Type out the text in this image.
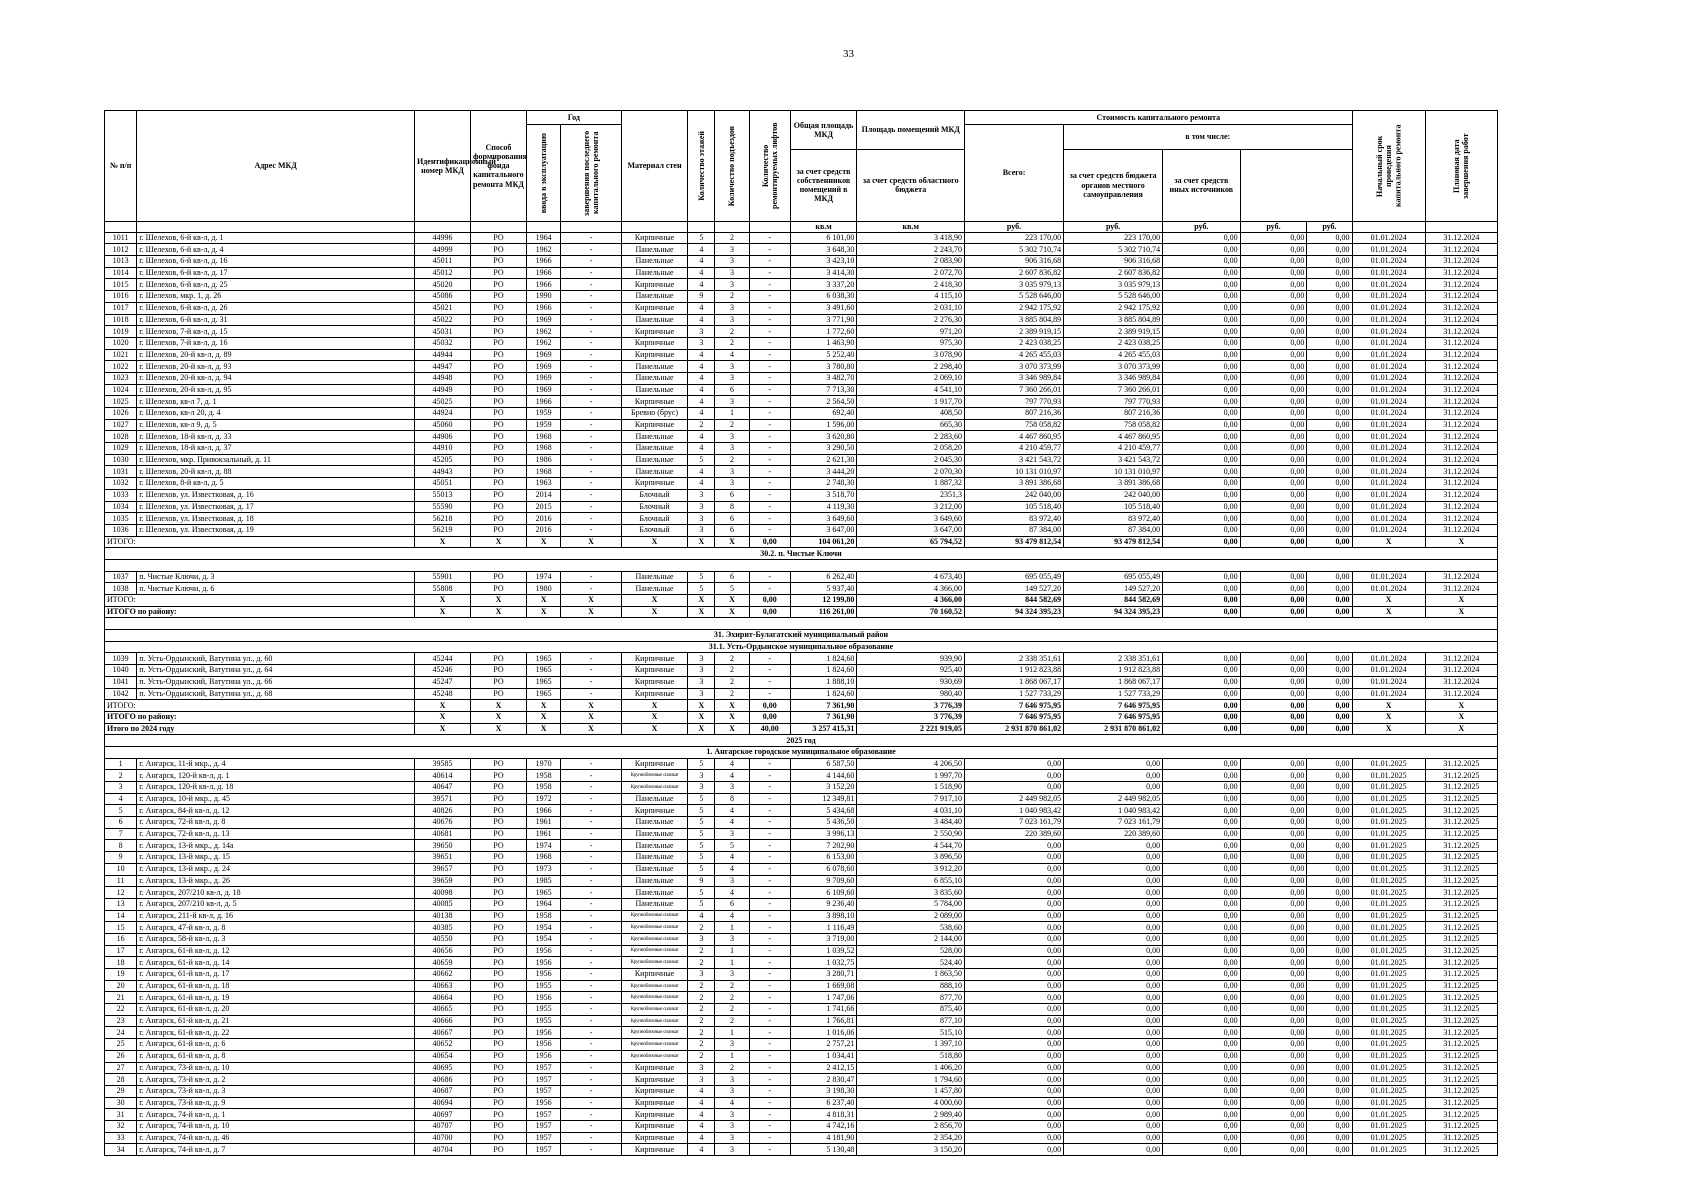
33
№ п/п	Адрес МКД	Идентификационный номер МКД	Способ формирования фонда капитального ремонта МКД	Год		Материал стен	Количество этажей	Количество подъездов	Количество ремонтируемых лифтов	Общая площадь МКД	Площадь помещений МКД	Стоимость капитального ремонта					Начальный срок проведения капитального ремонта	Плановая дата завершения работ

				ввода в эксплуатацию	завершения последнего капитального ремонта							Всего:	в том числе:					
										за счет средств собственников помещений в МКД	за счет средств областного бюджета		за счет средств бюджета органов местного самоуправления	за счет средств иных источников				
										кв.м	кв.м	руб.	руб.	руб.	руб.	руб.		
1011	г. Шелехов, 6-й кв-л, д. 1	44996	РО	1964	-	Кирпичные	5	2	-	6 101,00	3 418,90	223 170,00	223 170,00	0,00	0,00	0,00	01.01.2024	31.12.2024
1012	г. Шелехов, 6-й кв-л, д. 4	44999	РО	1962	-	Панельные	4	3	-	3 648,30	2 243,70	5 302 710,74	5 302 710,74	0,00	0,00	0,00	01.01.2024	31.12.2024
1013	г. Шелехов, 6-й кв-л, д. 16	45011	РО	1966	-	Панельные	4	3	-	3 423,10	2 083,90	906 316,68	906 316,68	0,00	0,00	0,00	01.01.2024	31.12.2024
1014	г. Шелехов, 6-й кв-л, д. 17	45012	РО	1966	-	Панельные	4	3	-	3 414,30	2 072,70	2 607 836,82	2 607 836,82	0,00	0,00	0,00	01.01.2024	31.12.2024
1015	г. Шелехов, 6-й кв-л, д. 25	45020	РО	1966	-	Кирпичные	4	3	-	3 337,20	2 418,30	3 035 979,13	3 035 979,13	0,00	0,00	0,00	01.01.2024	31.12.2024
1016	г. Шелехов, мкр. 1, д. 26	45086	РО	1990	-	Панельные	9	2	-	6 038,30	4 115,10	5 528 646,00	5 528 646,00	0,00	0,00	0,00	01.01.2024	31.12.2024
1017	г. Шелехов, 6-й кв-л, д. 26	45021	РО	1966	-	Кирпичные	4	3	-	3 491,60	2 031,10	2 942 175,92	2 942 175,92	0,00	0,00	0,00	01.01.2024	31.12.2024
1018	г. Шелехов, 6-й кв-л, д. 31	45022	РО	1969	-	Панельные	4	3	-	3 771,90	2 276,30	3 885 804,89	3 885 804,89	0,00	0,00	0,00	01.01.2024	31.12.2024
1019	г. Шелехов, 7-й кв-л, д. 15	45031	РО	1962	-	Кирпичные	3	2	-	1 772,60	971,20	2 389 919,15	2 389 919,15	0,00	0,00	0,00	01.01.2024	31.12.2024
1020	г. Шелехов, 7-й кв-л, д. 16	45032	РО	1962	-	Кирпичные	3	2	-	1 463,90	975,30	2 423 038,25	2 423 038,25	0,00	0,00	0,00	01.01.2024	31.12.2024
1021	г. Шелехов, 20-й кв-л, д. 89	44944	РО	1969	-	Кирпичные	4	4	-	5 252,40	3 078,90	4 265 455,03	4 265 455,03	0,00	0,00	0,00	01.01.2024	31.12.2024
1022	г. Шелехов, 20-й кв-л, д. 93	44947	РО	1969	-	Панельные	4	3	-	3 780,80	2 298,40	3 070 373,99	3 070 373,99	0,00	0,00	0,00	01.01.2024	31.12.2024
1023	г. Шелехов, 20-й кв-л, д. 94	44948	РО	1969	-	Панельные	4	3	-	3 482,70	2 069,10	3 346 989,84	3 346 989,84	0,00	0,00	0,00	01.01.2024	31.12.2024
1024	г. Шелехов, 20-й кв-л, д. 95	44949	РО	1969	-	Панельные	4	6	-	7 713,30	4 541,10	7 360 266,01	7 360 266,01	0,00	0,00	0,00	01.01.2024	31.12.2024
1025	г. Шелехов, кв-л 7, д. 1	45025	РО	1966	-	Кирпичные	4	3	-	2 564,50	1 917,70	797 770,93	797 770,93	0,00	0,00	0,00	01.01.2024	31.12.2024
1026	г. Шелехов, кв-л 20, д. 4	44924	РО	1959	-	Бревно (брус)	4	1	-	692,40	408,50	807 216,36	807 216,36	0,00	0,00	0,00	01.01.2024	31.12.2024
1027	г. Шелехов, кв-л 9, д. 5	45060	РО	1959	-	Кирпичные	2	2	-	1 596,00	665,30	758 058,82	758 058,82	0,00	0,00	0,00	01.01.2024	31.12.2024
1028	г. Шелехов, 18-й кв-л, д. 33	44906	РО	1968	-	Панельные	4	3	-	3 620,80	2 283,60	4 467 860,95	4 467 860,95	0,00	0,00	0,00	01.01.2024	31.12.2024
1029	г. Шелехов, 18-й кв-л, д. 37	44910	РО	1968	-	Панельные	4	3	-	3 290,50	2 058,20	4 210 459,77	4 210 459,77	0,00	0,00	0,00	01.01.2024	31.12.2024
1030	г. Шелехов, мкр. Привокзальный, д. 11	45205	РО	1986	-	Панельные	5	2	-	2 621,30	2 045,30	3 421 543,72	3 421 543,72	0,00	0,00	0,00	01.01.2024	31.12.2024
1031	г. Шелехов, 20-й кв-л, д. 88	44943	РО	1968	-	Панельные	4	3	-	3 444,20	2 070,30	10 131 010,97	10 131 010,97	0,00	0,00	0,00	01.01.2024	31.12.2024
1032	г. Шелехов, 8-й кв-л, д. 5	45051	РО	1963	-	Кирпичные	4	3	-	2 748,30	1 887,32	3 891 386,68	3 891 386,68	0,00	0,00	0,00	01.01.2024	31.12.2024
1033	г. Шелехов, ул. Известковая, д. 16	55013	РО	2014	-	Блочный	3	6	-	3 518,70	2351,3	242 040,00	242 040,00	0,00	0,00	0,00	01.01.2024	31.12.2024
1034	г. Шелехов, ул. Известковая, д. 17	55590	РО	2015	-	Блочный	3	8	-	4 119,30	3 212,00	105 518,40	105 518,40	0,00	0,00	0,00	01.01.2024	31.12.2024
1035	г. Шелехов, ул. Известковая, д. 18	56218	РО	2016	-	Блочный	3	6	-	3 649,60	3 649,60	83 972,40	83 972,40	0,00	0,00	0,00	01.01.2024	31.12.2024
1036	г. Шелехов, ул. Известковая, д. 19	56219	РО	2016	-	Блочный	3	6	-	3 647,00	3 647,00	87 384,00	87 384,00	0,00	0,00	0,00	01.01.2024	31.12.2024
ИТОГО:		X	X	X	X	X	X	X	0,00	104 061,20	65 794,52	93 479 812,54	93 479 812,54	0,00	0,00	0,00	X	X
30.2. п. Чистые Ключи																		

1037	п. Чистые Ключи, д. 3	55901	РО	1974	-	Панельные	5	6	-	6 262,40	4 673,40	695 055,49	695 055,49	0,00	0,00	0,00	01.01.2024	31.12.2024
1038	п. Чистые Ключи, д. 6	55808	РО	1980	-	Панельные	5	5	-	5 937,40	4 366,00	149 527,20	149 527,20	0,00	0,00	0,00	01.01.2024	31.12.2024
ИТОГО:		X	X	X	X	X	X	X	0,00	12 199,80	4 366,00	844 582,69	844 582,69	0,00	0,00	0,00	X	X
ИТОГО по району:		X	X	X	X	X	X	X	0,00	116 261,00	70 160,52	94 324 395,23	94 324 395,23	0,00	0,00	0,00	X	X

31. Эхирит-Булагатский муниципальный район																		
31.1. Усть-Ордынское муниципальное образование																		
1039	п. Усть-Ордынский, Ватутина ул., д. 60	45244	РО	1965	-	Кирпичные	3	2	-	1 824,60	939,90	2 338 351,61	2 338 351,61	0,00	0,00	0,00	01.01.2024	31.12.2024
1040	п. Усть-Ордынский, Ватутина ул., д. 64	45246	РО	1965	-	Кирпичные	3	2	-	1 824,60	925,40	1 912 823,88	1 912 823,88	0,00	0,00	0,00	01.01.2024	31.12.2024
1041	п. Усть-Ордынский, Ватутина ул., д. 66	45247	РО	1965	-	Кирпичные	3	2	-	1 888,10	930,69	1 868 067,17	1 868 067,17	0,00	0,00	0,00	01.01.2024	31.12.2024
1042	п. Усть-Ордынский, Ватутина ул., д. 68	45248	РО	1965	-	Кирпичные	3	2	-	1 824,60	980,40	1 527 733,29	1 527 733,29	0,00	0,00	0,00	01.01.2024	31.12.2024
ИТОГО:		X	X	X	X	X	X	X	0,00	7 361,90	3 776,39	7 646 975,95	7 646 975,95	0,00	0,00	0,00	X	X
ИТОГО по району:		X	X	X	X	X	X	X	0,00	7 361,90	3 776,39	7 646 975,95	7 646 975,95	0,00	0,00	0,00	X	X
Итого по 2024 году		X	X	X	X	X	X	X	40,00	3 257 415,31	2 221 919,05	2 931 870 861,02	2 931 870 861,02	0,00	0,00	0,00	X	X
2025 год																		
1. Ангарское городское муниципальное образование																		
1	г. Ангарск, 11-й мкр., д. 4	39585	РО	1970	-	Кирпичные	5	4	-	6 587,50	4 206,50	0,00	0,00	0,00	0,00	0,00	01.01.2025	31.12.2025
2	г. Ангарск, 120-й кв-л, д. 1	40614	РО	1958	-	Крупноблочные силикат	3	4	-	4 144,60	1 997,70	0,00	0,00	0,00	0,00	0,00	01.01.2025	31.12.2025
3	г. Ангарск, 120-й кв-л, д. 18	40647	РО	1958	-	Крупноблочные силикат	3	3	-	3 152,20	1 518,90	0,00	0,00	0,00	0,00	0,00	01.01.2025	31.12.2025
4	г. Ангарск, 10-й мкр., д. 45	39571	РО	1972	-	Панельные	5	8	-	12 349,81	7 917,10	2 449 982,05	2 449 982,05	0,00	0,00	0,00	01.01.2025	31.12.2025
5	г. Ангарск, 84-й кв-л, д. 12	40826	РО	1966	-	Кирпичные	5	4	-	5 434,68	4 031,10	1 040 983,42	1 040 983,42	0,00	0,00	0,00	01.01.2025	31.12.2025
6	г. Ангарск, 72-й кв-л, д. 8	40676	РО	1961	-	Панельные	5	4	-	5 436,50	3 484,40	7 023 161,79	7 023 161,79	0,00	0,00	0,00	01.01.2025	31.12.2025
7	г. Ангарск, 72-й кв-л, д. 13	40681	РО	1961	-	Панельные	5	3	-	3 996,13	2 550,90	220 389,60	220 389,60	0,00	0,00	0,00	01.01.2025	31.12.2025
8	г. Ангарск, 13-й мкр., д. 14а	39650	РО	1974	-	Панельные	5	5	-	7 202,90	4 544,70	0,00	0,00	0,00	0,00	0,00	01.01.2025	31.12.2025
9	г. Ангарск, 13-й мкр., д. 15	39651	РО	1968	-	Панельные	5	4	-	6 153,00	3 896,50	0,00	0,00	0,00	0,00	0,00	01.01.2025	31.12.2025
10	г. Ангарск, 13-й мкр., д. 24	39657	РО	1973	-	Панельные	5	4	-	6 078,60	3 912,20	0,00	0,00	0,00	0,00	0,00	01.01.2025	31.12.2025
11	г. Ангарск, 13-й мкр., д. 26	39659	РО	1985	-	Панельные	9	3	-	9 709,60	6 855,10	0,00	0,00	0,00	0,00	0,00	01.01.2025	31.12.2025
12	г. Ангарск, 207/210 кв-л, д. 18	40098	РО	1965	-	Панельные	5	4	-	6 109,60	3 835,60	0,00	0,00	0,00	0,00	0,00	01.01.2025	31.12.2025
13	г. Ангарск, 207/210 кв-л, д. 5	40085	РО	1964	-	Панельные	5	6	-	9 236,40	5 784,00	0,00	0,00	0,00	0,00	0,00	01.01.2025	31.12.2025
14	г. Ангарск, 211-й кв-л, д. 16	40138	РО	1958	-	Крупноблочные силикат	4	4	-	3 898,10	2 089,00	0,00	0,00	0,00	0,00	0,00	01.01.2025	31.12.2025
15	г. Ангарск, 47-й кв-л, д. 8	40385	РО	1954	-	Крупноблочные силикат	2	1	-	1 116,49	538,60	0,00	0,00	0,00	0,00	0,00	01.01.2025	31.12.2025
16	г. Ангарск, 58-й кв-л, д. 3	40550	РО	1954	-	Крупноблочные силикат	3	3	-	3 719,00	2 144,00	0,00	0,00	0,00	0,00	0,00	01.01.2025	31.12.2025
17	г. Ангарск, 61-й кв-л, д. 12	40656	РО	1956	-	Крупноблочные силикат	2	1	-	1 039,52	528,00	0,00	0,00	0,00	0,00	0,00	01.01.2025	31.12.2025
18	г. Ангарск, 61-й кв-л, д. 14	40659	РО	1956	-	Крупноблочные силикат	2	1	-	1 032,75	524,40	0,00	0,00	0,00	0,00	0,00	01.01.2025	31.12.2025
19	г. Ангарск, 61-й кв-л, д. 17	40662	РО	1956	-	Кирпичные	3	3	-	3 280,71	1 863,50	0,00	0,00	0,00	0,00	0,00	01.01.2025	31.12.2025
20	г. Ангарск, 61-й кв-л, д. 18	40663	РО	1955	-	Крупноблочные силикат	2	2	-	1 669,08	888,10	0,00	0,00	0,00	0,00	0,00	01.01.2025	31.12.2025
21	г. Ангарск, 61-й кв-л, д. 19	40664	РО	1956	-	Крупноблочные силикат	2	2	-	1 747,06	877,70	0,00	0,00	0,00	0,00	0,00	01.01.2025	31.12.2025
22	г. Ангарск, 61-й кв-л, д. 20	40665	РО	1955	-	Крупноблочные силикат	2	2	-	1 741,66	875,40	0,00	0,00	0,00	0,00	0,00	01.01.2025	31.12.2025
23	г. Ангарск, 61-й кв-л, д. 21	40666	РО	1955	-	Крупноблочные силикат	2	2	-	1 766,81	877,10	0,00	0,00	0,00	0,00	0,00	01.01.2025	31.12.2025
24	г. Ангарск, 61-й кв-л, д. 22	40667	РО	1956	-	Крупноблочные силикат	2	1	-	1 016,06	515,10	0,00	0,00	0,00	0,00	0,00	01.01.2025	31.12.2025
25	г. Ангарск, 61-й кв-л, д. 6	40652	РО	1956	-	Крупноблочные силикат	2	3	-	2 757,21	1 397,10	0,00	0,00	0,00	0,00	0,00	01.01.2025	31.12.2025
26	г. Ангарск, 61-й кв-л, д. 8	40654	РО	1956	-	Крупноблочные силикат	2	1	-	1 034,41	518,80	0,00	0,00	0,00	0,00	0,00	01.01.2025	31.12.2025
27	г. Ангарск, 73-й кв-л, д. 10	40695	РО	1957	-	Кирпичные	3	2	-	2 412,15	1 406,20	0,00	0,00	0,00	0,00	0,00	01.01.2025	31.12.2025
28	г. Ангарск, 73-й кв-л, д. 2	40686	РО	1957	-	Кирпичные	3	3	-	2 830,47	1 794,60	0,00	0,00	0,00	0,00	0,00	01.01.2025	31.12.2025
29	г. Ангарск, 73-й кв-л, д. 3	40687	РО	1957	-	Кирпичные	4	3	-	3 198,30	1 457,80	0,00	0,00	0,00	0,00	0,00	01.01.2025	31.12.2025
30	г. Ангарск, 73-й кв-л, д. 9	40694	РО	1956	-	Кирпичные	4	4	-	6 237,40	4 000,60	0,00	0,00	0,00	0,00	0,00	01.01.2025	31.12.2025
31	г. Ангарск, 74-й кв-л, д. 1	40697	РО	1957	-	Кирпичные	4	3	-	4 818,31	2 989,40	0,00	0,00	0,00	0,00	0,00	01.01.2025	31.12.2025
32	г. Ангарск, 74-й кв-л, д. 10	40707	РО	1957	-	Кирпичные	4	3	-	4 742,16	2 856,70	0,00	0,00	0,00	0,00	0,00	01.01.2025	31.12.2025
33	г. Ангарск, 74-й кв-л, д. 46	40700	РО	1957	-	Кирпичные	4	3	-	4 181,90	2 354,20	0,00	0,00	0,00	0,00	0,00	01.01.2025	31.12.2025
34	г. Ангарск, 74-й кв-л, д. 7	40704	РО	1957	-	Кирпичные	4	3	-	5 130,48	3 150,20	0,00	0,00	0,00	0,00	0,00	01.01.2025	31.12.2025
